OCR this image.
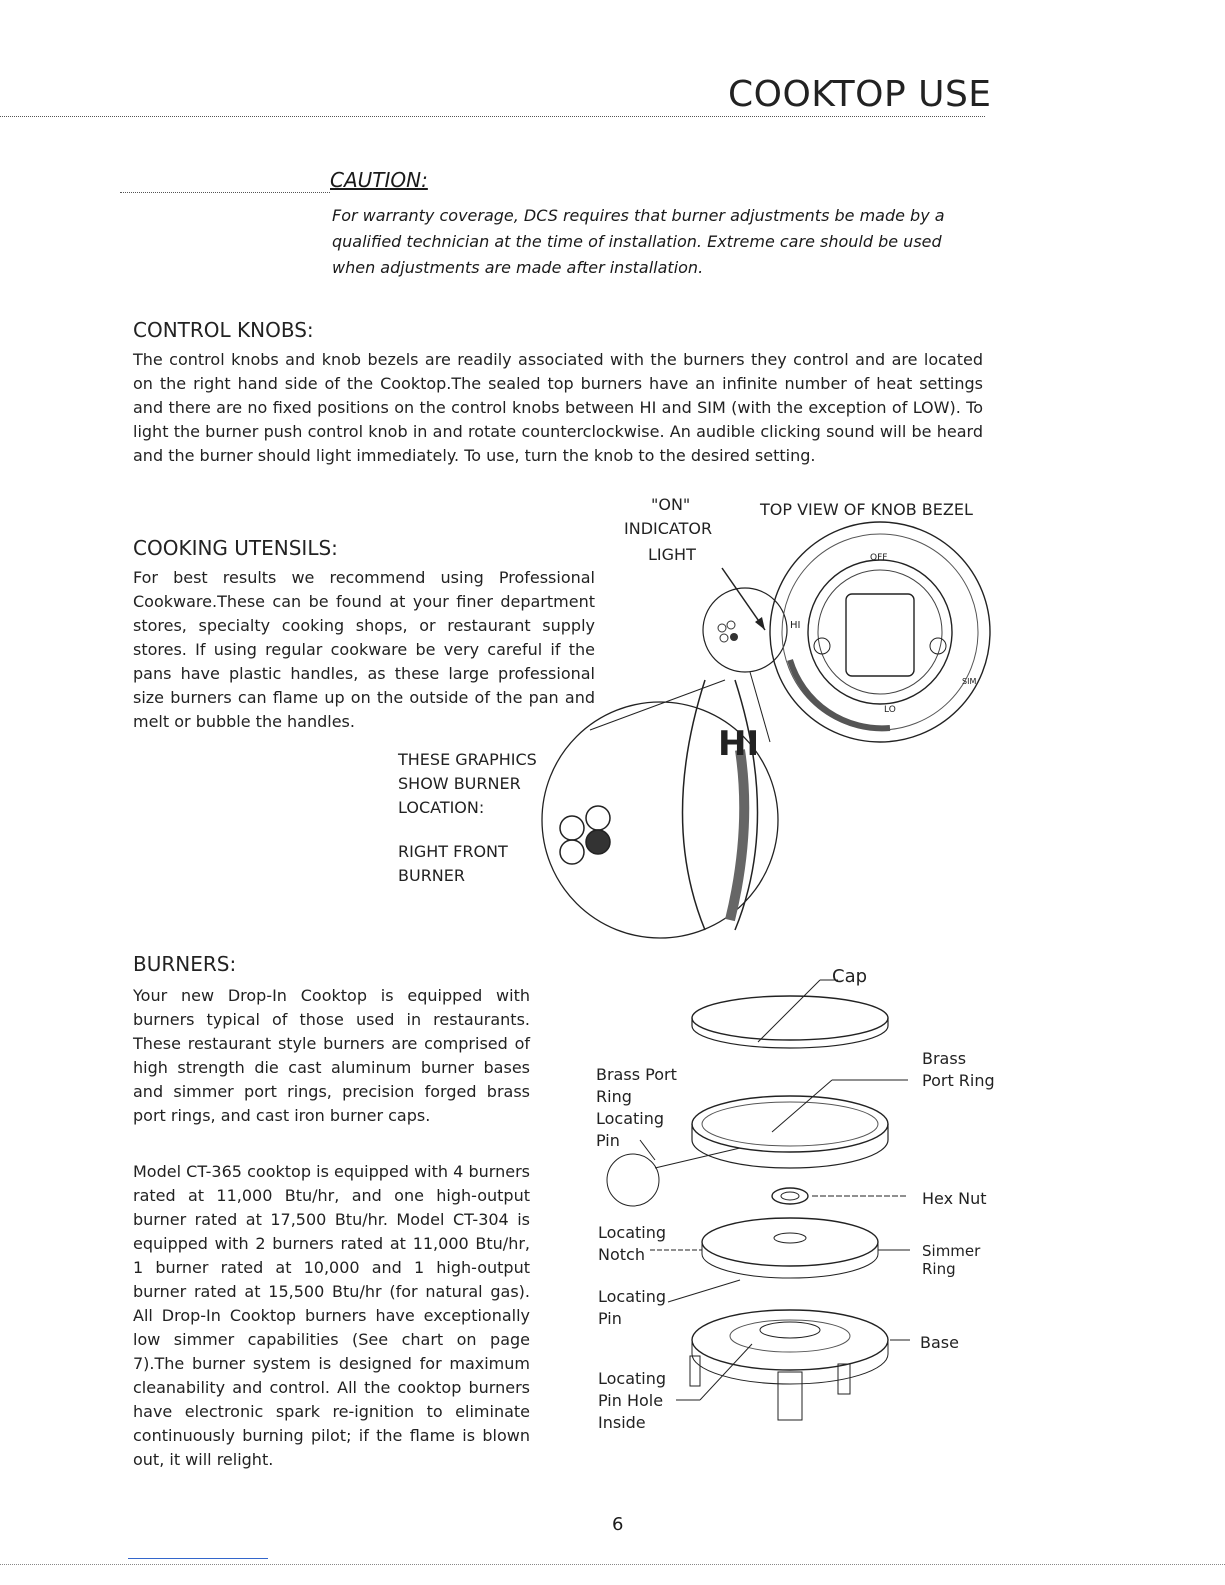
COOKTOP USE
CAUTION:
For warranty coverage, DCS requires that burner adjustments be made by a
qualified technician at the time of installation. Extreme care should be used
when adjustments are made after installation.
CONTROL KNOBS:
The control knobs and knob bezels are readily associated with the burners they control and are located on the right hand side of the Cooktop.The sealed top burners have an infinite number of heat settings and there are no fixed positions on the control knobs between HI and SIM (with the exception of LOW). To light the burner push control knob in and rotate counterclockwise. An audible clicking sound will be heard and the burner should light immediately. To use, turn the knob to the desired setting.
COOKING UTENSILS:
For best results we recommend using Professional Cookware.These can be found at your finer department stores, specialty cooking shops, or restaurant supply stores. If using regular cookware be very careful if the pans have plastic handles, as these large professional size burners can flame up on the outside of the pan and melt or bubble the handles.
OFF
HI
SIM
LO
HI
"ON"
INDICATOR
LIGHT
TOP VIEW OF KNOB BEZEL
THESE GRAPHICS
SHOW BURNER
LOCATION:
RIGHT FRONT
BURNER
BURNERS:
Your new Drop-In Cooktop is equipped with burners typical of those used in restaurants. These restaurant style burners are comprised of high strength die cast aluminum burner bases and simmer port rings, precision forged brass port rings, and cast iron burner caps.
Model CT-365 cooktop is equipped with 4 burners rated at 11,000 Btu/hr, and one high-output burner rated at 17,500 Btu/hr. Model CT-304 is equipped with 2 burners rated at 11,000 Btu/hr, 1 burner rated at 10,000 and 1 high-output burner rated at 15,500 Btu/hr (for natural gas). All Drop-In Cooktop burners have exceptionally low simmer capabilities (See chart on page 7).The burner system is designed for maximum cleanability and control. All the cooktop burners have electronic spark re-ignition to eliminate continuously burning pilot; if the flame is blown out, it will relight.
Cap
Brass
Port Ring
Brass Port
Ring
Locating
Pin
Hex Nut
Locating
Notch	Simmer
Ring
Locating
Pin
Base
Locating
Pin Hole
Inside
6
